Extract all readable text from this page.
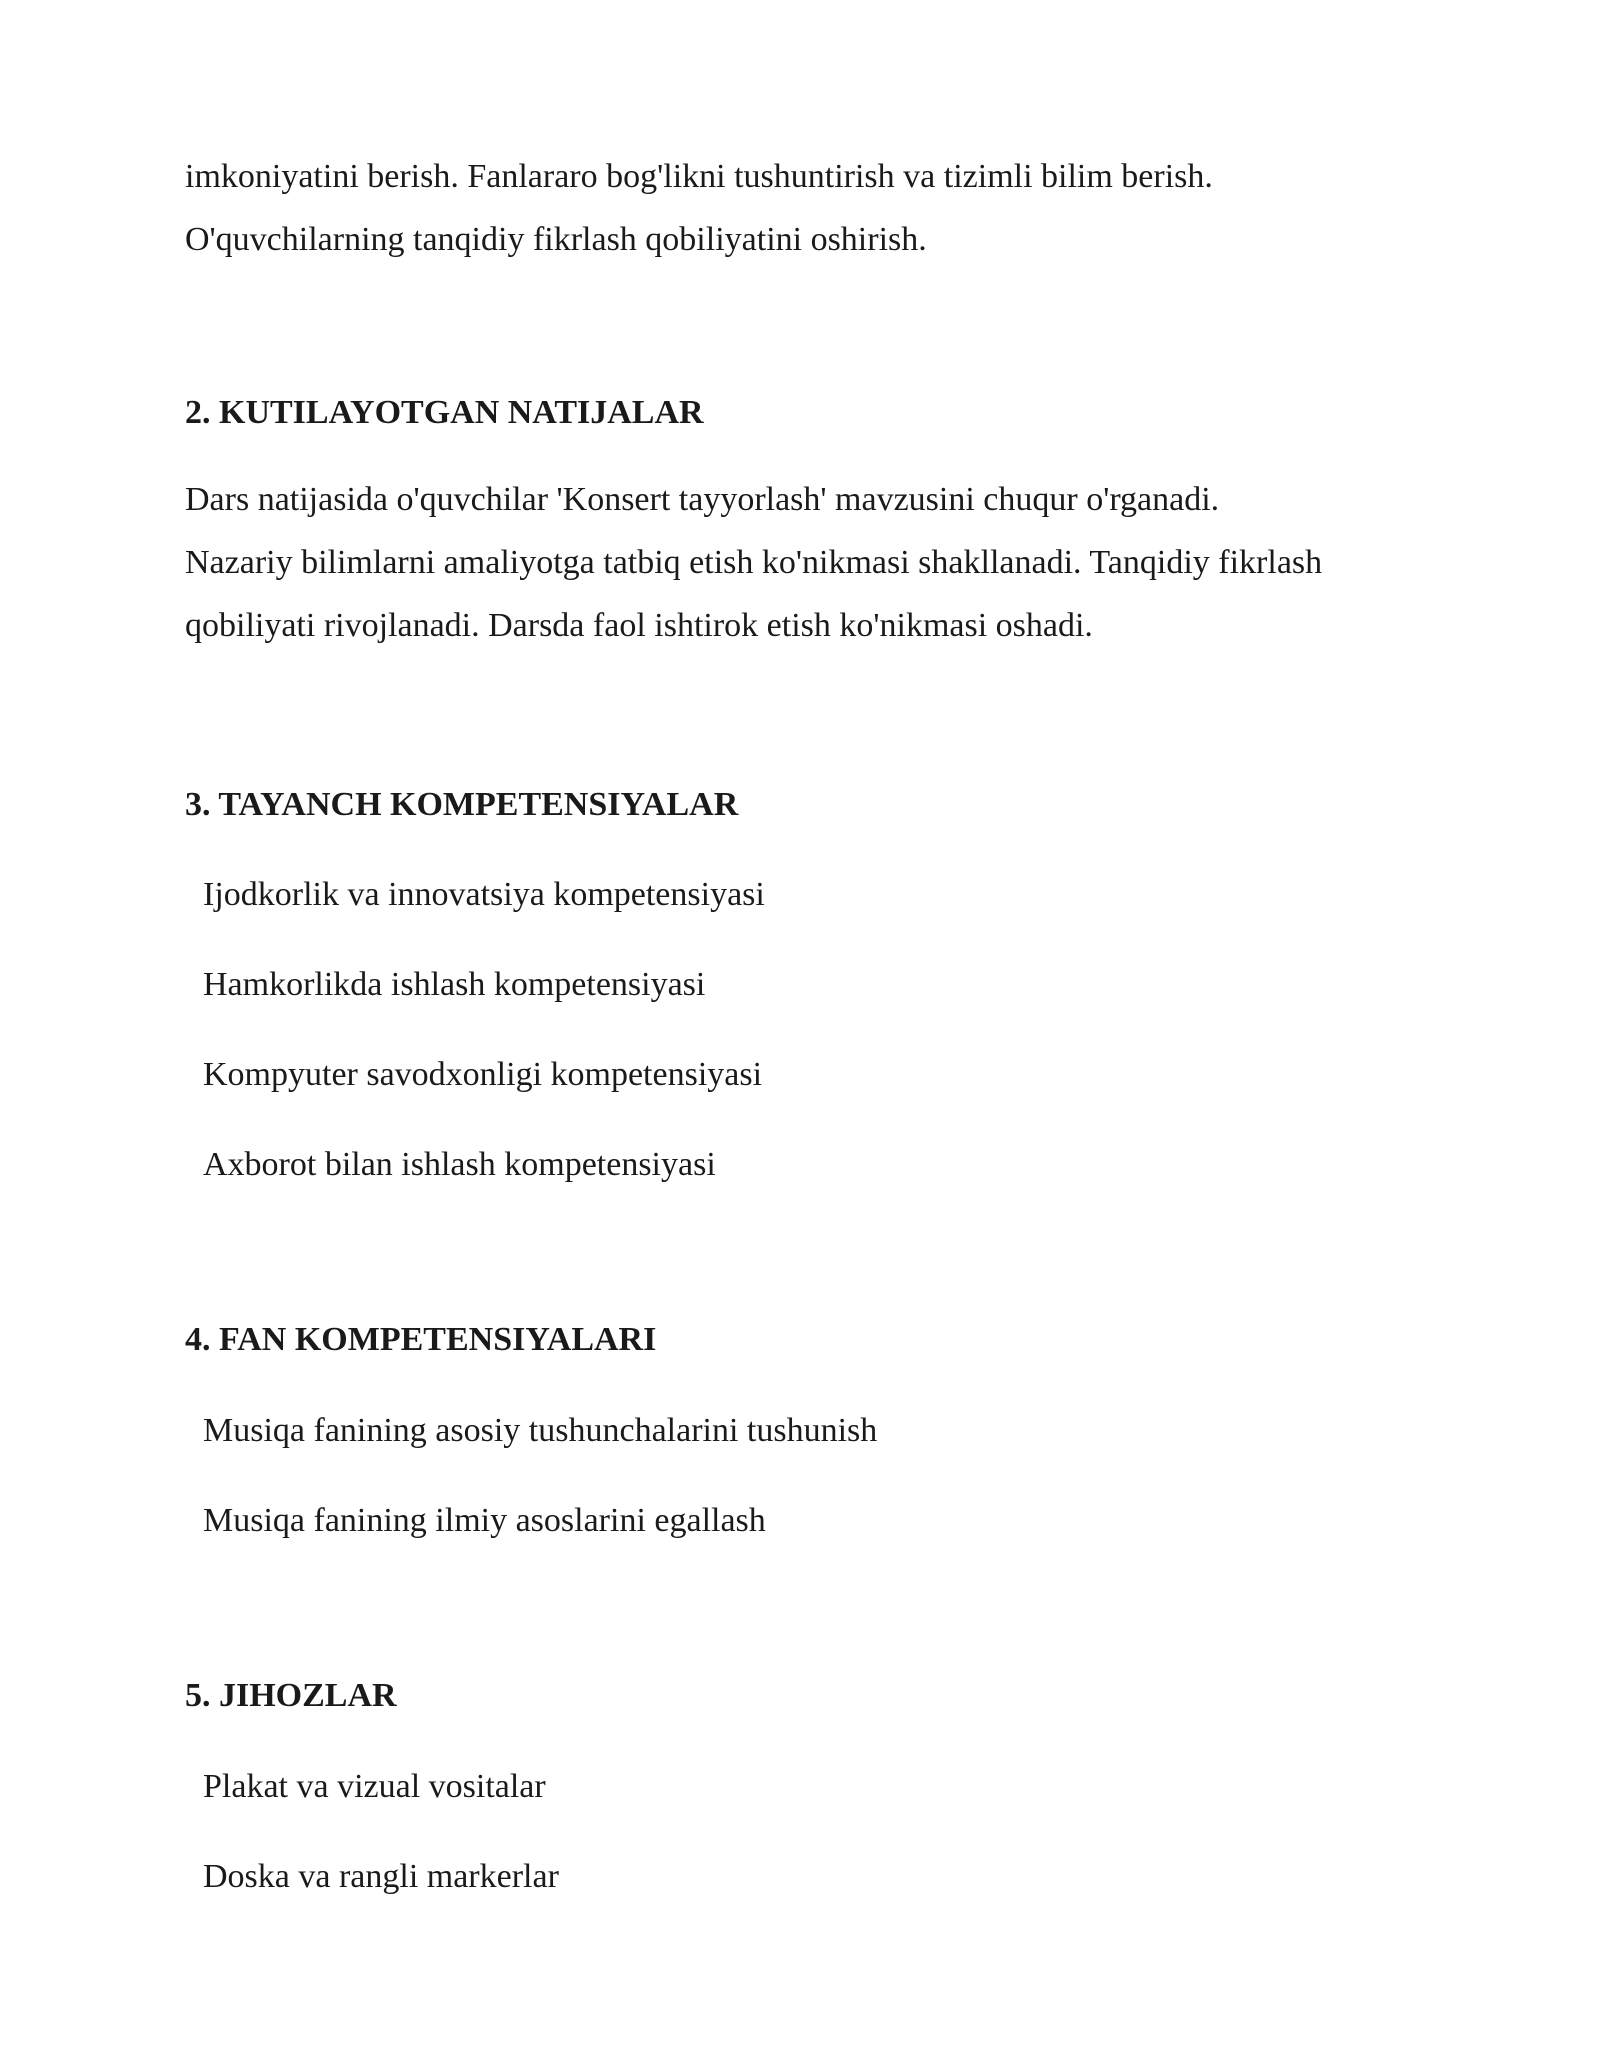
imkoniyatini berish. Fanlararo bog'likni tushuntirish va tizimli bilim berish.
O'quvchilarning tanqidiy fikrlash qobiliyatini oshirish.

2. KUTILAYOTGAN NATIJALAR

Dars natijasida o'quvchilar 'Konsert tayyorlash' mavzusini chuqur o'rganadi.
Nazariy bilimlarni amaliyotga tatbiq etish ko'nikmasi shakllanadi. Tanqidiy fikrlash
qobiliyati rivojlanadi. Darsda faol ishtirok etish ko'nikmasi oshadi.

3. TAYANCH KOMPETENSIYALAR
Ijodkorlik va innovatsiya kompetensiyasi
Hamkorlikda ishlash kompetensiyasi
Kompyuter savodxonligi kompetensiyasi
Axborot bilan ishlash kompetensiyasi
4. FAN KOMPETENSIYALARI
Musiqa fanining asosiy tushunchalarini tushunish
Musiqa fanining ilmiy asoslarini egallash
5. JIHOZLAR
Plakat va vizual vositalar
Doska va rangli markerlar
